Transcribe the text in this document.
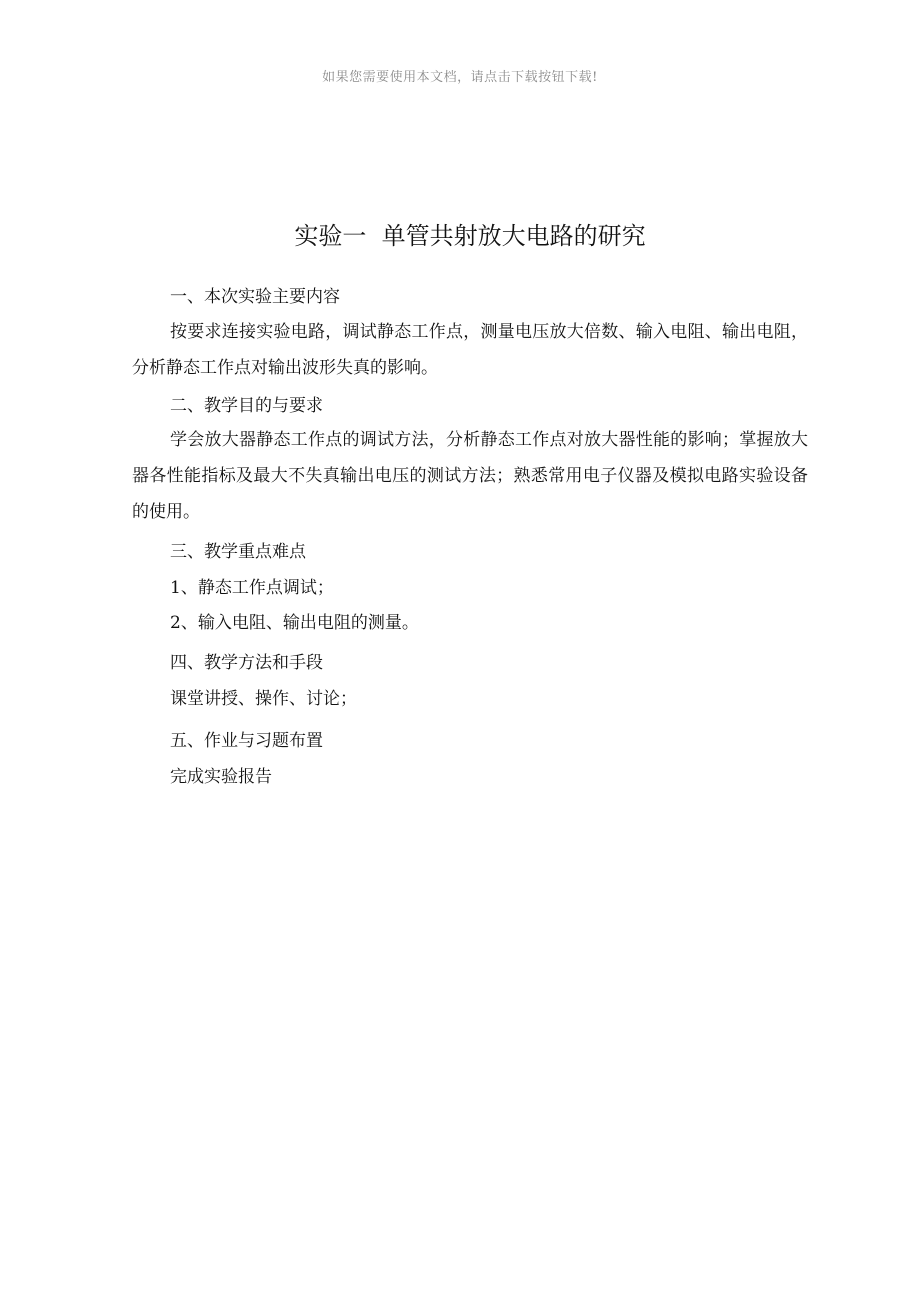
如果您需要使用本文档，请点击下载按钮下载!
实验一  单管共射放大电路的研究
一、本次实验主要内容
按要求连接实验电路，调试静态工作点，测量电压放大倍数、输入电阻、输出电阻，分析静态工作点对输出波形失真的影响。
二、教学目的与要求
学会放大器静态工作点的调试方法，分析静态工作点对放大器性能的影响；掌握放大器各性能指标及最大不失真输出电压的测试方法；熟悉常用电子仪器及模拟电路实验设备的使用。
三、教学重点难点
1、静态工作点调试；
2、输入电阻、输出电阻的测量。
四、教学方法和手段
课堂讲授、操作、讨论；
五、作业与习题布置
完成实验报告
